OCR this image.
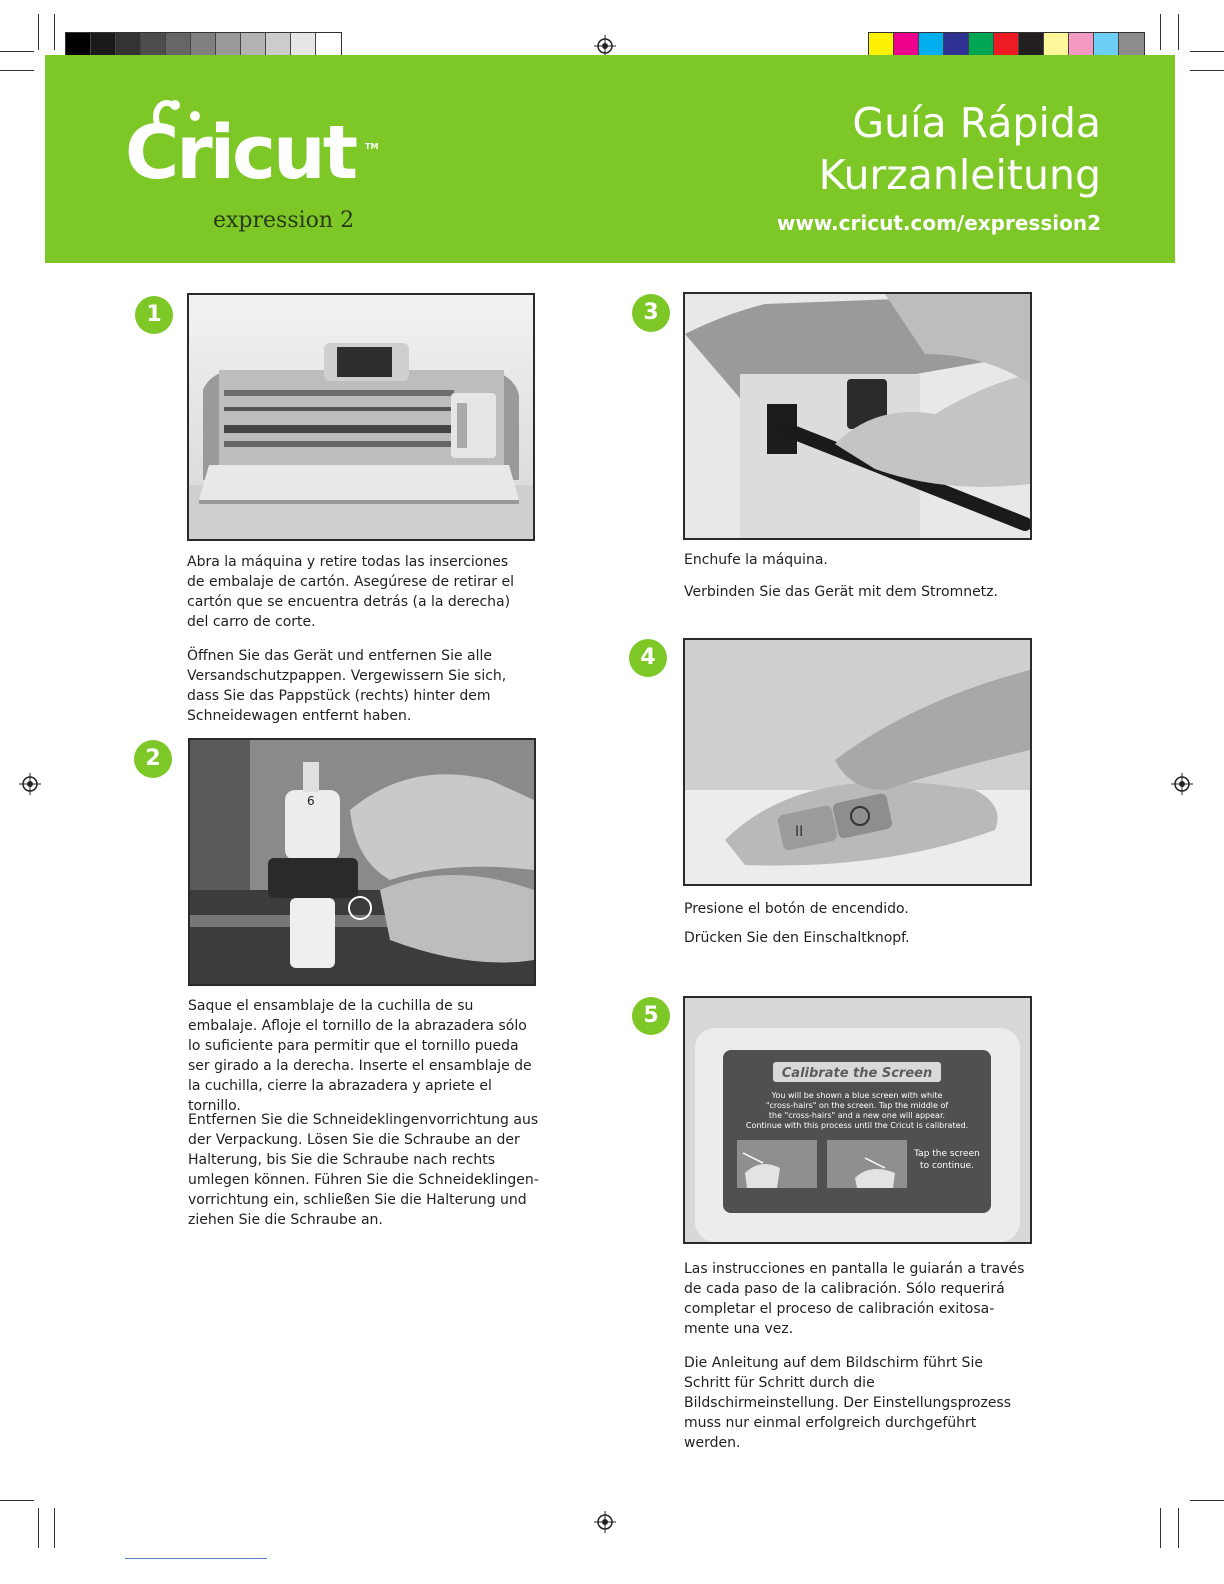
Cricut TM
expression 2
Guía Rápida
Kurzanleitung
www.cricut.com/expression2
1

Abra la máquina y retire todas las inserciones de embalaje de cartón. Asegúrese de retirar el cartón que se encuentra detrás (a la derecha) del carro de corte.

Öffnen Sie das Gerät und entfernen Sie alle Versandschutzpappen. Vergewissern Sie sich, dass Sie das Pappstück (rechts) hinter dem Schneidewagen entfernt haben.

2
6

Saque el ensamblaje de la cuchilla de su embalaje. Afloje el tornillo de la abrazadera sólo lo suficiente para permitir que el tornillo pueda ser girado a la derecha. Inserte el ensamblaje de la cuchilla, cierre la abrazadera y apriete el tornillo.

Entfernen Sie die Schneideklingenvorrichtung aus der Verpackung. Lösen Sie die Schraube an der Halterung, bis Sie die Schraube nach rechts umlegen können. Führen Sie die Schneideklingen-vorrichtung ein, schließen Sie die Halterung und ziehen Sie die Schraube an.

3

Enchufe la máquina.

Verbinden Sie das Gerät mit dem Stromnetz.

4
II

Presione el botón de encendido.

Drücken Sie den Einschaltknopf.

5
Calibrate the Screen
You will be shown a blue screen with white
"cross-hairs" on the screen. Tap the middle of
the "cross-hairs" and a new one will appear.
Continue with this process until the Cricut is calibrated.
Tap the screen
to continue.

Las instrucciones en pantalla le guiarán a través de cada paso de la calibración. Sólo requerirá completar el proceso de calibración exitosa-mente una vez.

Die Anleitung auf dem Bildschirm führt Sie Schritt für Schritt durch die Bildschirmeinstellung. Der Einstellungsprozess muss nur einmal erfolgreich durchgeführt werden.
